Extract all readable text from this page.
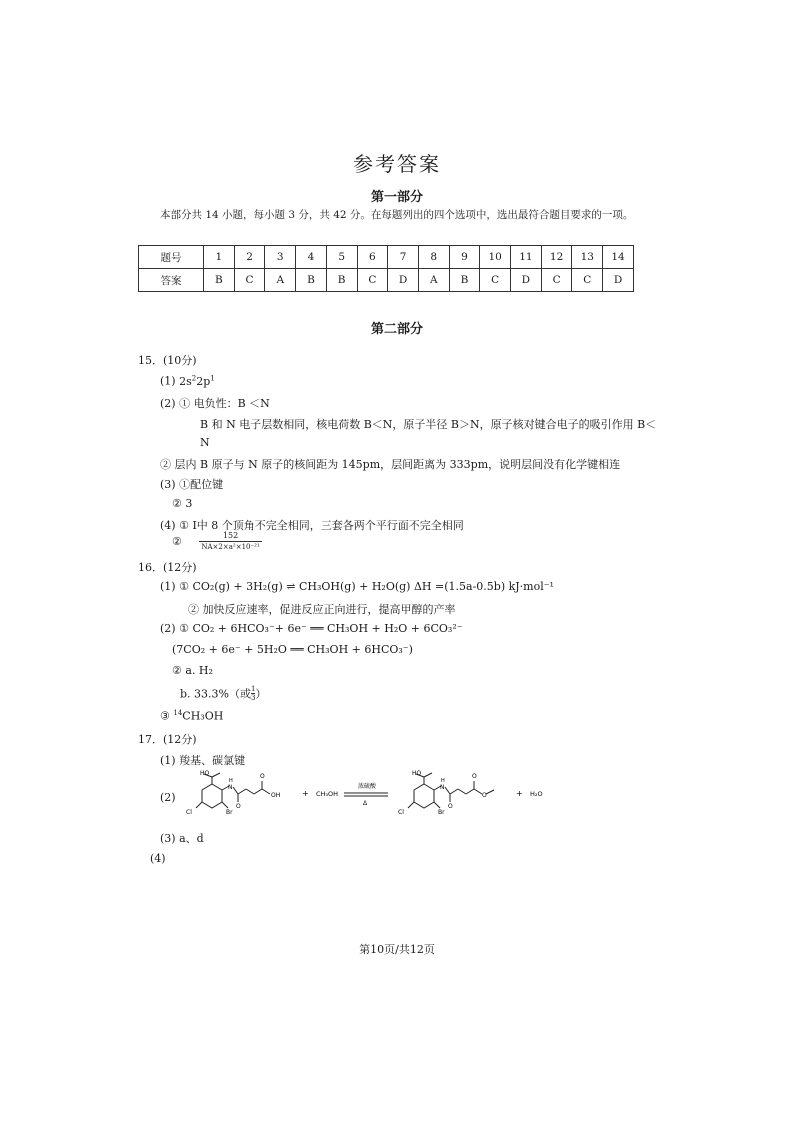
参考答案
第一部分
本部分共 14 小题，每小题 3 分，共 42 分。在每题列出的四个选项中，选出最符合题目要求的一项。
题号	1	2	3	4	5	6	7	8	9	10	11	12	13	14
答案	B	C	A	B	B	C	D	A	B	C	D	C	C	D
第二部分
15．(10分)
(1) $2s^22p^1$
(2) ① 电负性：B ＜N
B 和 N 电子层数相同，核电荷数 B＜N，原子半径 B＞N，原子核对键合电子的吸引作用 B＜
N
② 层内 B 原子与 N 原子的核间距为 145pm，层间距离为 333pm，说明层间没有化学键相连
(3) ①配位键
② 3
(4) ① I中 8 个顶角不完全相同，三套各两个平行面不完全相同
② $\frac{152}{\text{NA×2×a²×10⁻²¹}}$
16．(12分)
(1) ① CO₂(g) + 3H₂(g) ⇌ CH₃OH(g) + H₂O(g) ΔH =(1.5a-0.5b) kJ·mol⁻¹
② 加快反应速率，促进反应正向进行，提高甲醇的产率
(2) ① CO₂ + 6HCO₃⁻+ 6e⁻ ══ CH₃OH + H₂O + 6CO₃²⁻
(7CO₂ + 6e⁻ + 5H₂O ══ CH₃OH + 6HCO₃⁻)
② a. H₂
b. 33.3%（或 $\frac{1}{3}$ ）
③ $^{14}$CH₃OH
17．(12分)
(1) 羧基、碳氯键
(2)
HO
N
H
O
O
OH
Cl	Br
+ CH₃OH
浓硫酸
Δ
HO
N
H
O
O
O
Cl	Br
+ H₂O
(3) a、d
(4)
第10页/共12页
